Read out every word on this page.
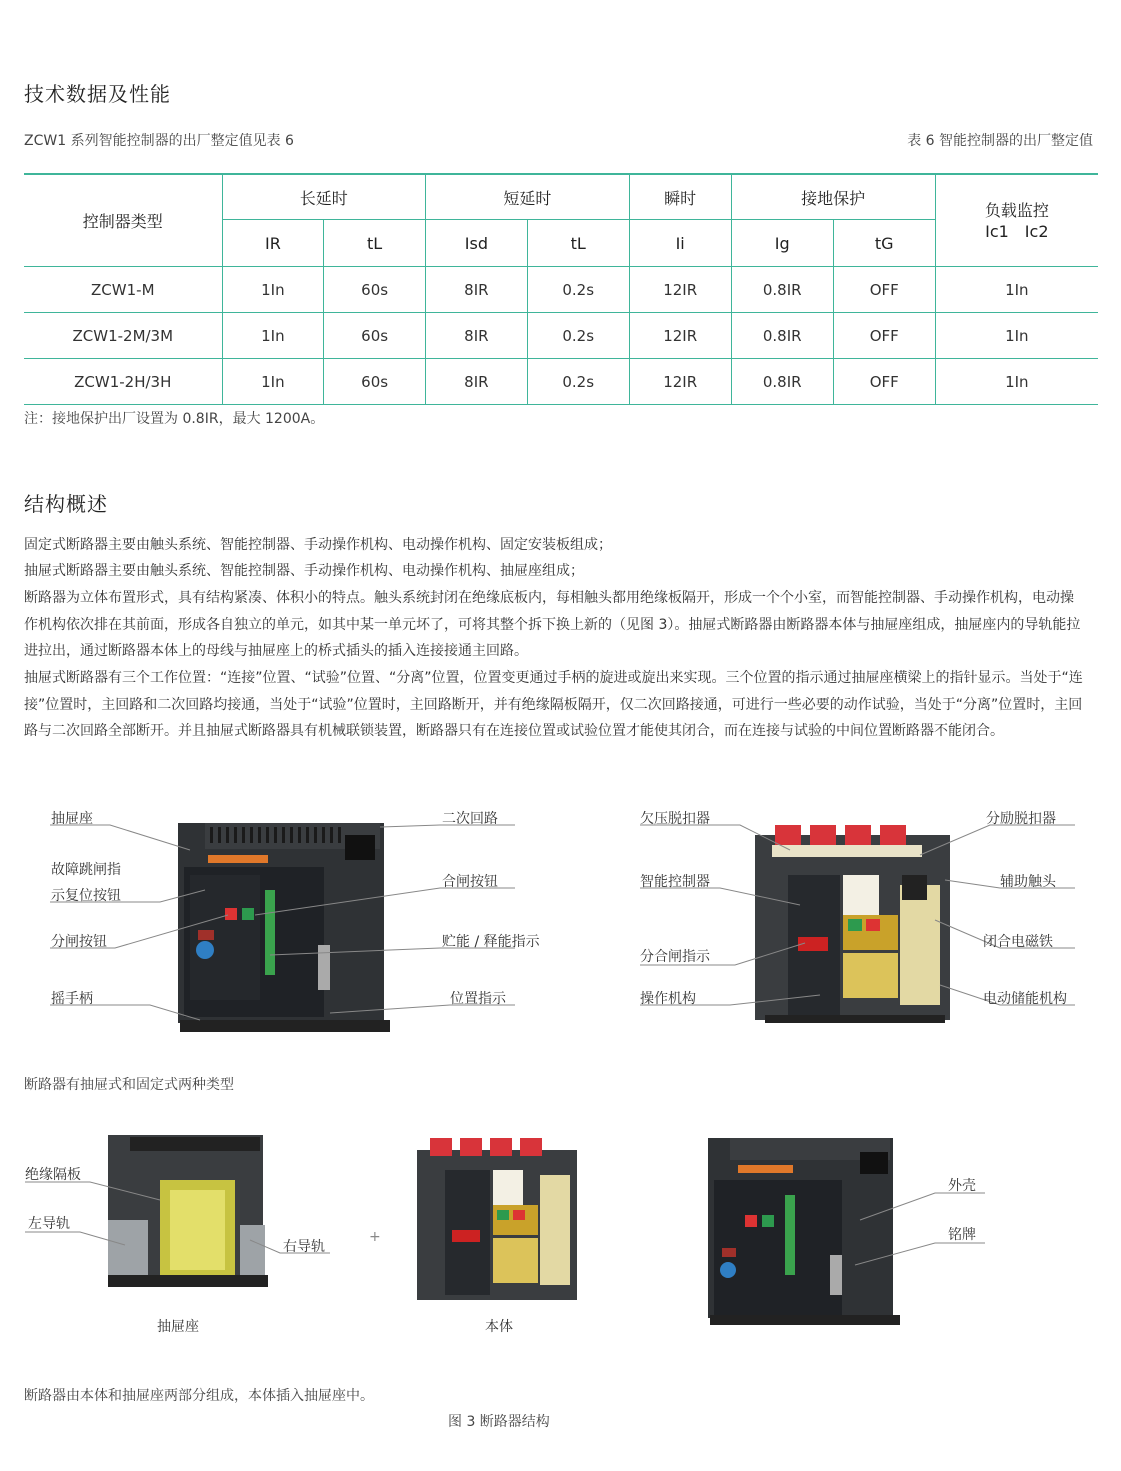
技术数据及性能
ZCW1 系列智能控制器的出厂整定值见表 6	表 6 智能控制器的出厂整定值
控制器类型	长延时		短延时		瞬时	接地保护		负载监控
Ic1　Ic2

	IR	tL	Isd	tL	Ii	Ig	tG	
ZCW1-M	1In	60s	8IR	0.2s	12IR	0.8IR	OFF	1In
ZCW1-2M/3M	1In	60s	8IR	0.2s	12IR	0.8IR	OFF	1In
ZCW1-2H/3H	1In	60s	8IR	0.2s	12IR	0.8IR	OFF	1In
注：接地保护出厂设置为 0.8IR，最大 1200A。
结构概述
固定式断路器主要由触头系统、智能控制器、手动操作机构、电动操作机构、固定安装板组成；
抽屉式断路器主要由触头系统、智能控制器、手动操作机构、电动操作机构、抽屉座组成；
断路器为立体布置形式，具有结构紧凑、体积小的特点。触头系统封闭在绝缘底板内，每相触头都用绝缘板隔开，形成一个个小室，而智能控制器、手动操作机构，电动操作机构依次排在其前面，形成各自独立的单元，如其中某一单元坏了，可将其整个拆下换上新的（见图 3）。抽屉式断路器由断路器本体与抽屉座组成，抽屉座内的导轨能拉进拉出，通过断路器本体上的母线与抽屉座上的桥式插头的插入连接接通主回路。
抽屉式断路器有三个工作位置：“连接”位置、“试验”位置、“分离”位置，位置变更通过手柄的旋进或旋出来实现。三个位置的指示通过抽屉座横梁上的指针显示。当处于“连接”位置时，主回路和二次回路均接通，当处于“试验”位置时，主回路断开，并有绝缘隔板隔开，仅二次回路接通，可进行一些必要的动作试验，当处于“分离”位置时，主回路与二次回路全部断开。并且抽屉式断路器具有机械联锁装置，断路器只有在连接位置或试验位置才能使其闭合，而在连接与试验的中间位置断路器不能闭合。
抽屉座
故障跳闸指
示复位按钮
分闸按钮
摇手柄
二次回路
合闸按钮
贮能 / 释能指示
位置指示
欠压脱扣器
智能控制器
分合闸指示
操作机构
分励脱扣器
辅助触头
闭合电磁铁
电动储能机构
断路器有抽屉式和固定式两种类型
绝缘隔板
左导轨
右导轨
+
外壳
铭牌
抽屉座	本体
断路器由本体和抽屉座两部分组成，本体插入抽屉座中。
图 3 断路器结构
